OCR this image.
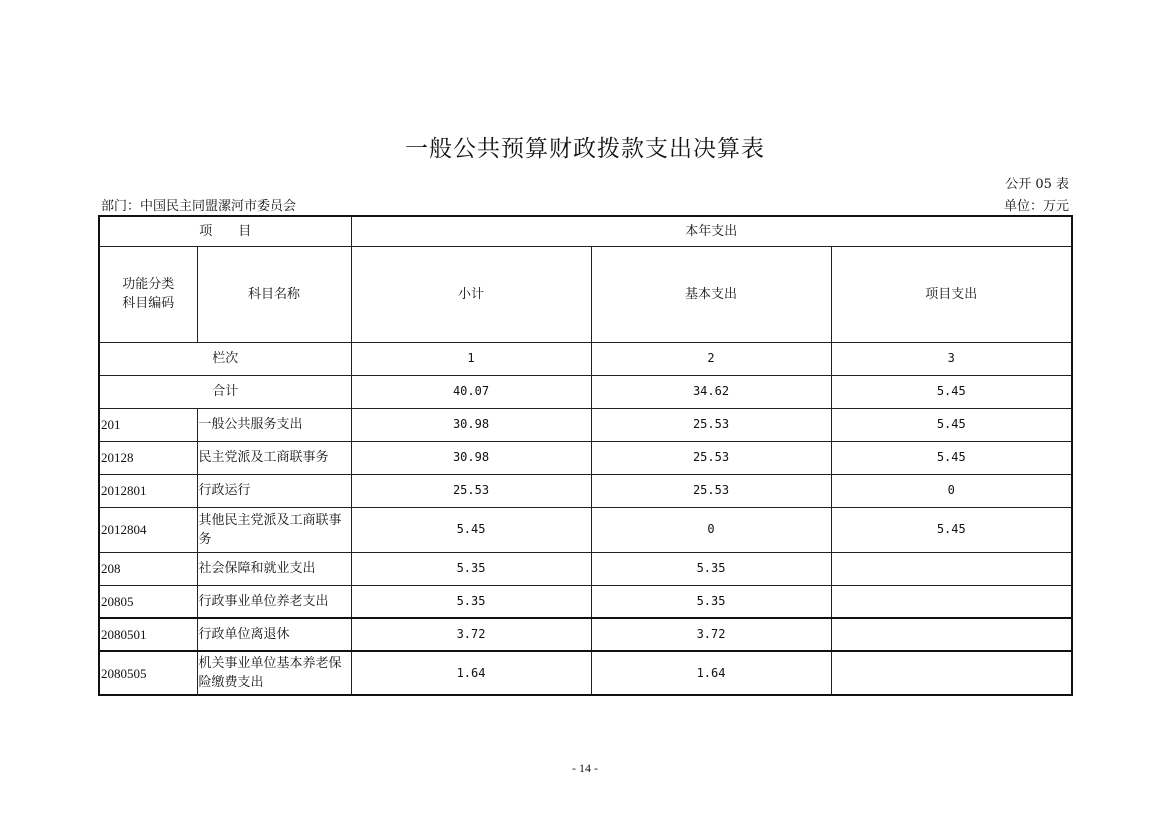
一般公共预算财政拨款支出决算表
公开 05 表
部门：中国民主同盟漯河市委员会	单位：万元
项　　目		本年支出		

功能分类
科目编码	科目名称	小计	基本支出	项目支出
栏次		1	2	3
合计		40.07	34.62	5.45
201	一般公共服务支出	30.98	25.53	5.45
20128	民主党派及工商联事务	30.98	25.53	5.45
2012801	行政运行	25.53	25.53	0
2012804	其他民主党派及工商联事务	5.45	0	5.45
208	社会保障和就业支出	5.35	5.35	
20805	行政事业单位养老支出	5.35	5.35	
2080501	行政单位离退休	3.72	3.72	
2080505	机关事业单位基本养老保险缴费支出	1.64	1.64	
- 14 -
